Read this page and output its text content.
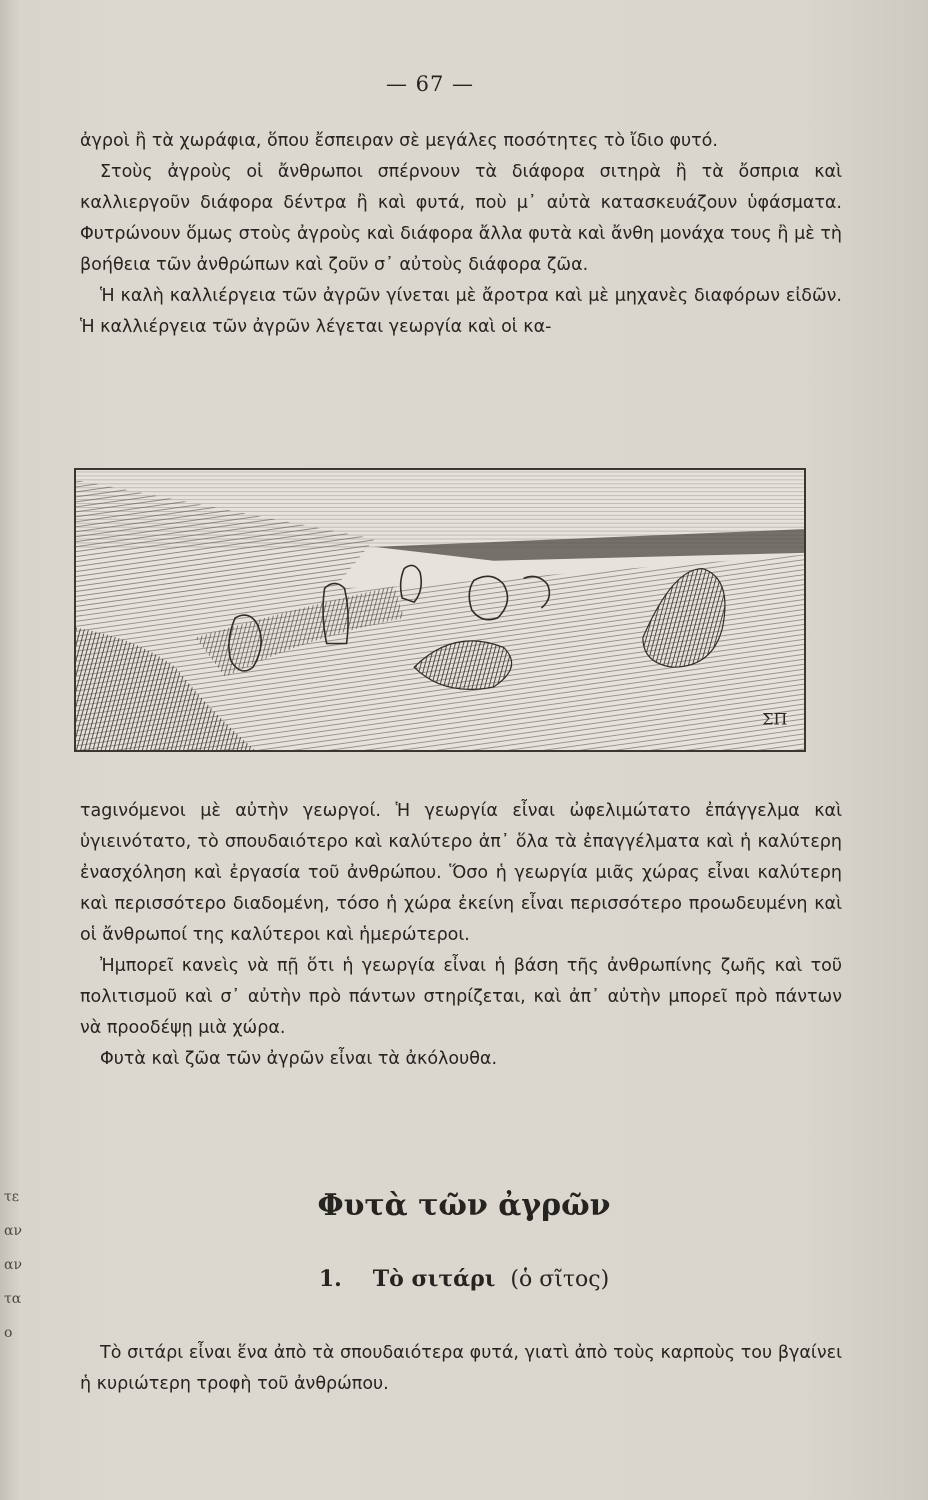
— 67 —

ἀγροὶ ἢ τὰ χωράφια, ὅπου ἔσπειραν σὲ μεγάλες ποσότητες τὸ ἴδιο φυτό.

Στοὺς ἀγροὺς οἱ ἄνθρωποι σπέρνουν τὰ διάφορα σιτηρὰ ἢ τὰ ὄσπρια καὶ καλλιεργοῦν διάφορα δέντρα ἢ καὶ φυτά, ποὺ μ᾽ αὐτὰ κατασκευάζουν ὑφάσματα. Φυτρώνουν ὅμως στοὺς ἀγροὺς καὶ διάφορα ἄλλα φυτὰ καὶ ἄνθη μονάχα τους ἢ μὲ τὴ βοήθεια τῶν ἀνθρώπων καὶ ζοῦν σ᾽ αὐτοὺς διάφορα ζῶα.

Ἡ καλὴ καλλιέργεια τῶν ἀγρῶν γίνεται μὲ ἄροτρα καὶ μὲ μηχανὲς διαφόρων εἰδῶν. Ἡ καλλιέργεια τῶν ἀγρῶν λέγεται γεωργία καὶ οἱ κα-

ΣΠ

τagινόμενοι μὲ αὐτὴν γεωργοί. Ἡ γεωργία εἶναι ὠφελιμώτατο ἐπάγγελμα καὶ ὑγιεινότατο, τὸ σπουδαιότερο καὶ καλύτερο ἀπ᾽ ὅλα τὰ ἐπαγγέλματα καὶ ἡ καλύτερη ἐνασχόληση καὶ ἐργασία τοῦ ἀνθρώπου. Ὅσο ἡ γεωργία μιᾶς χώρας εἶναι καλύτερη καὶ περισσότερο διαδομένη, τόσο ἡ χώρα ἐκείνη εἶναι περισσότερο προωδευμένη καὶ οἱ ἄνθρωποί της καλύτεροι καὶ ἡμερώτεροι.

Ἠμπορεῖ κανεὶς νὰ πῇ ὅτι ἡ γεωργία εἶναι ἡ βάση τῆς ἀνθρωπίνης ζωῆς καὶ τοῦ πολιτισμοῦ καὶ σ᾽ αὐτὴν πρὸ πάντων στηρίζεται, καὶ ἀπ᾽ αὐτὴν μπορεῖ πρὸ πάντων νὰ προοδέψῃ μιὰ χώρα.

Φυτὰ καὶ ζῶα τῶν ἀγρῶν εἶναι τὰ ἀκόλουθα.

Φυτὰ τῶν ἀγρῶν
1. Τὸ σιτάρι (ὁ σῖτος)

Τὸ σιτάρι εἶναι ἕνα ἀπὸ τὰ σπουδαιότερα φυτά, γιατὶ ἀπὸ τοὺς καρποὺς του βγαίνει ἡ κυριώτερη τροφὴ τοῦ ἀνθρώπου.

τε
αν
αν
τα
ο
